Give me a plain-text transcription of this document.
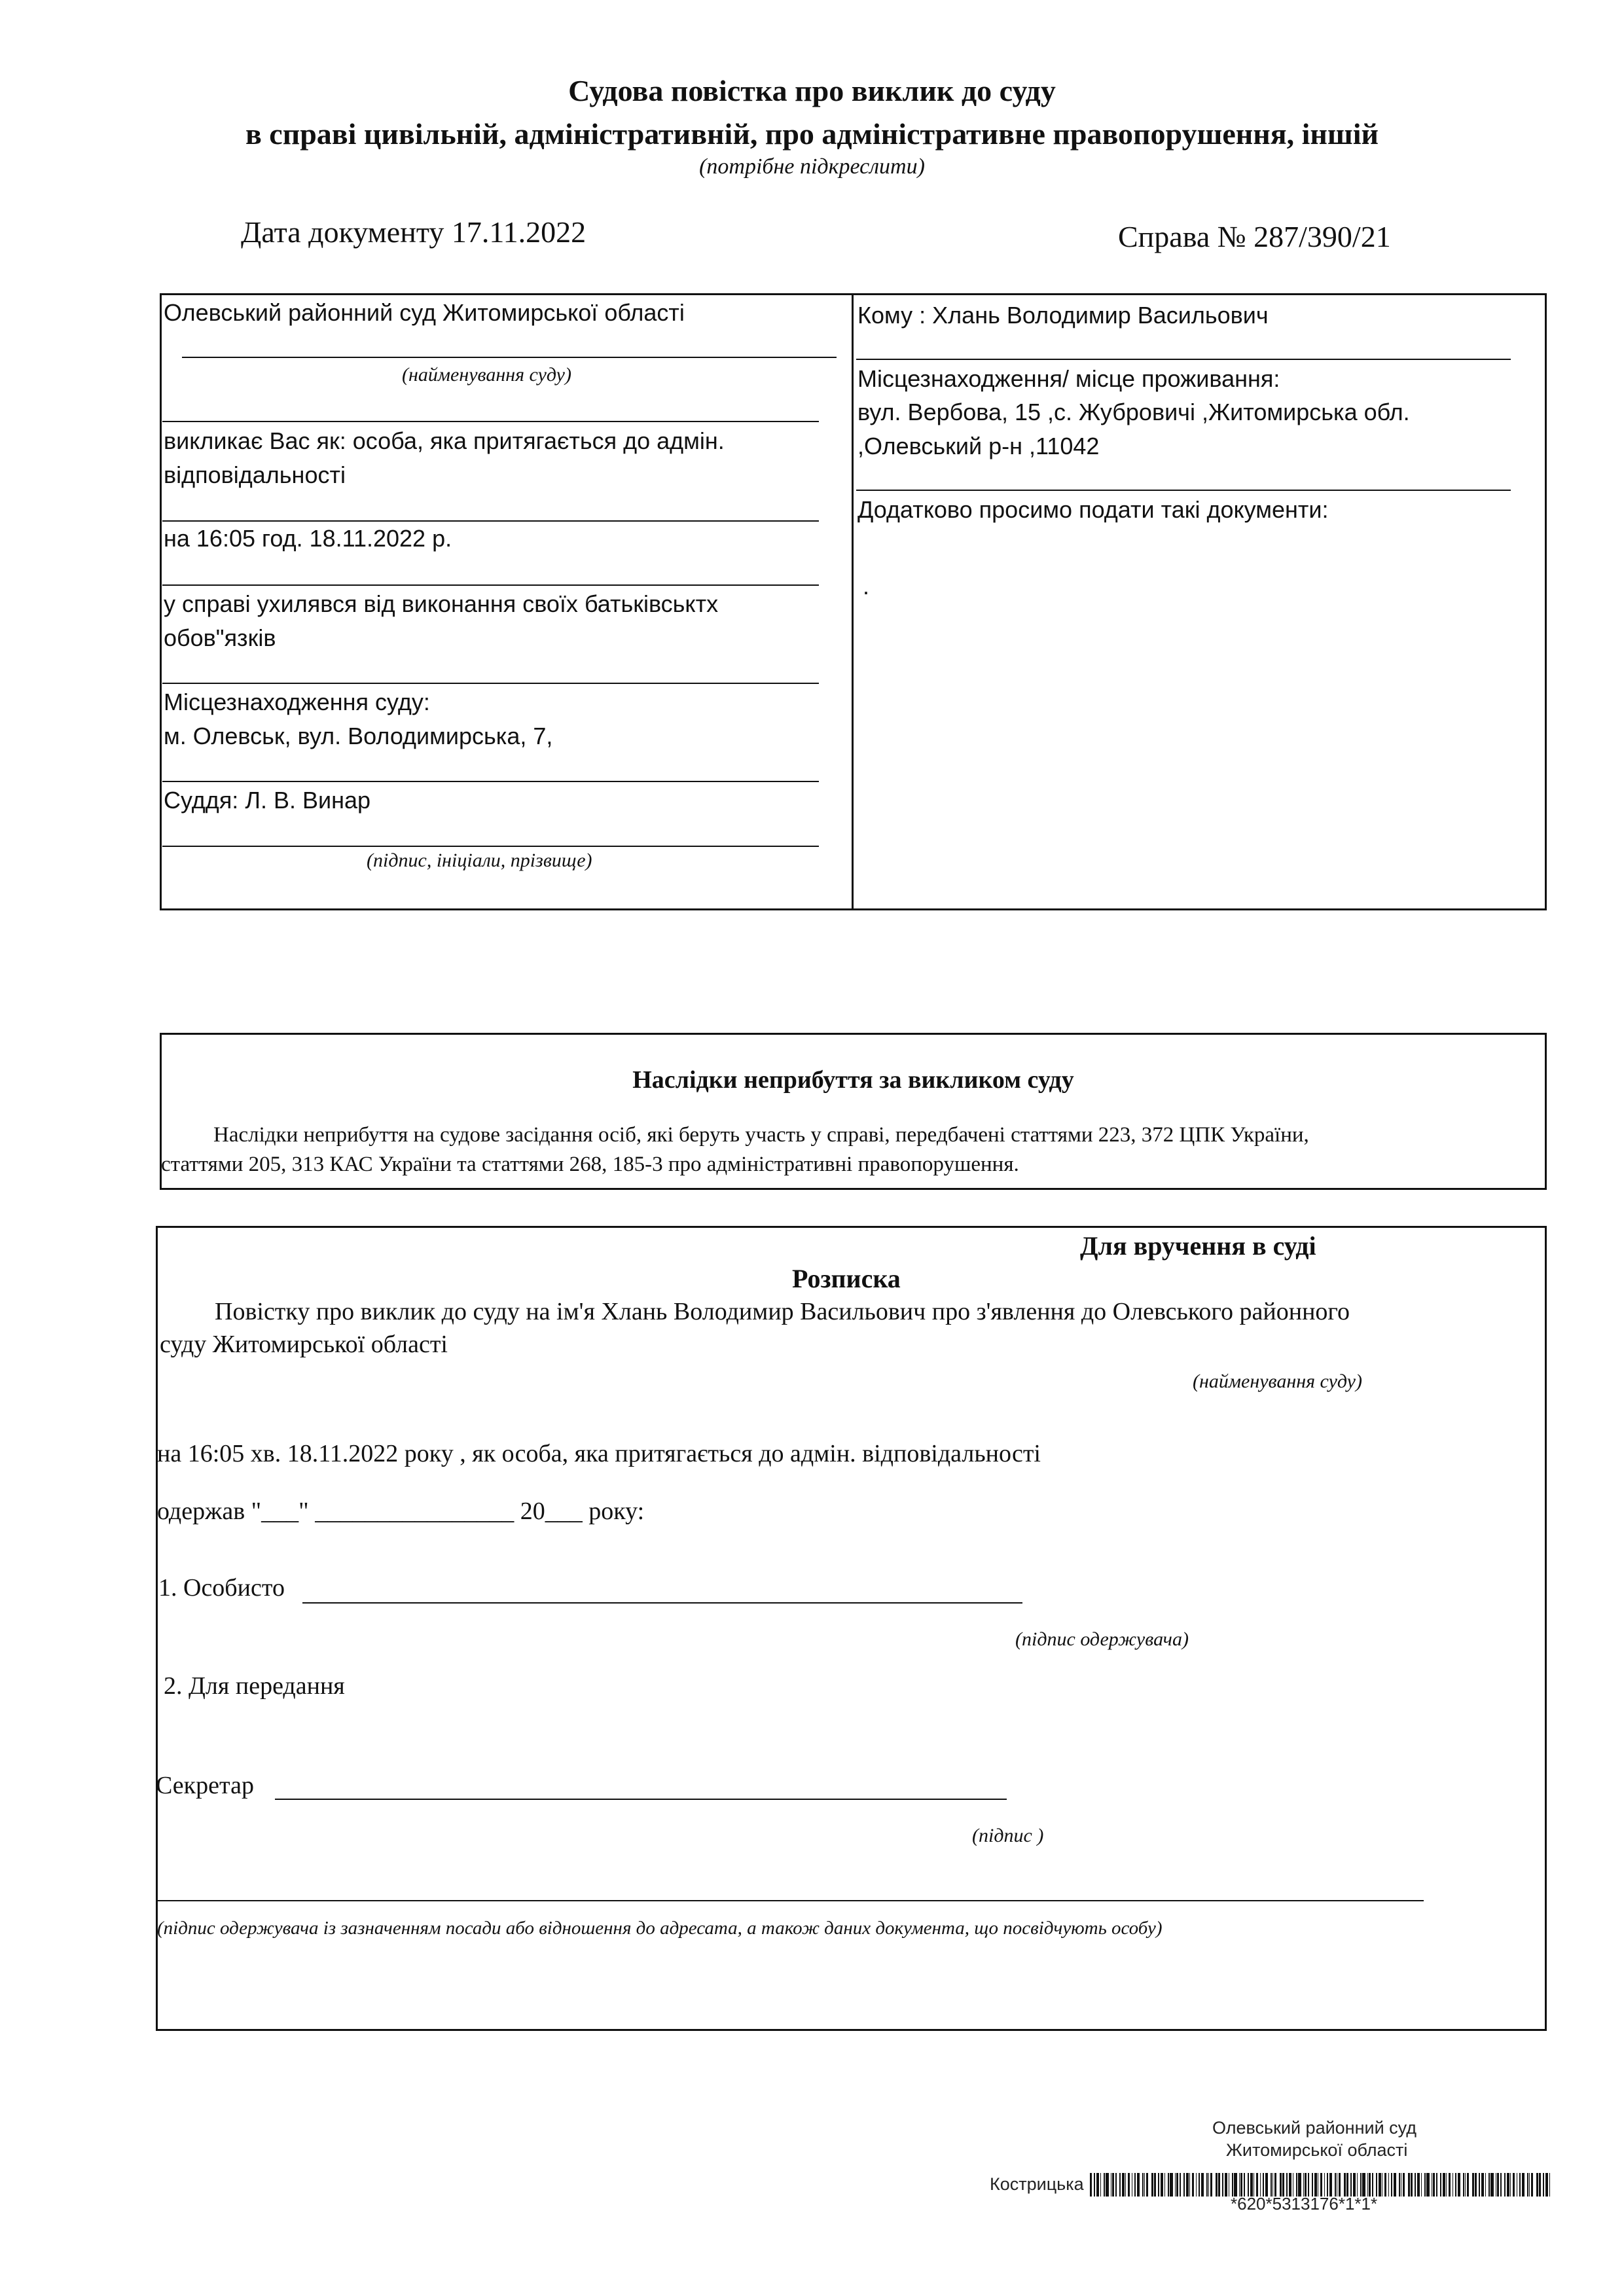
Судова повістка про виклик до суду
в справі цивільній, адміністративній, про адміністративне правопорушення, іншій
(потрібне підкреслити)
Дата документу 17.11.2022	Справа № 287/390/21
Олевський районний суд Житомирської області
(найменування суду)
викликає Вас як: особа, яка притягається до адмін.
відповідальності
на 16:05 год. 18.11.2022 р.
у справі ухилявся від виконання своїх батьківськтх
обов"язків
Місцезнаходження суду:
м. Олевськ, вул. Володимирська, 7,
Суддя: Л. В. Винар
(підпис, ініціали, прізвище)
Кому : Хлань Володимир Васильович
Місцезнаходження/ місце проживання:
вул. Вербова, 15 ,с. Жубровичі ,Житомирська обл.
,Олевський р-н ,11042
Додатково просимо подати такі документи:
.
Наслідки неприбуття за викликом суду
Наслідки неприбуття на судове засідання осіб, які беруть участь у справі, передбачені статтями 223, 372 ЦПК України,
статтями 205, 313 КАС України та статтями 268, 185-3 про адміністративні правопорушення.
Для вручення в суді
Розписка
Повістку про виклик до суду на ім'я Хлань Володимир Васильович про з'явлення до Олевського районного
суду Житомирської області
(найменування суду)
на 16:05 хв. 18.11.2022 року , як особа, яка притягається до адмін. відповідальності
одержав "___" ________________ 20___ року:
1. Особисто
(підпис одержувача)
2. Для передання
Секретар
(підпис )
(підпис одержувача із зазначенням посади або відношення до адресата, а також даних документа, що посвідчують особу)
Олевський районний суд
Житомирської області
Кострицька
*620*5313176*1*1*
